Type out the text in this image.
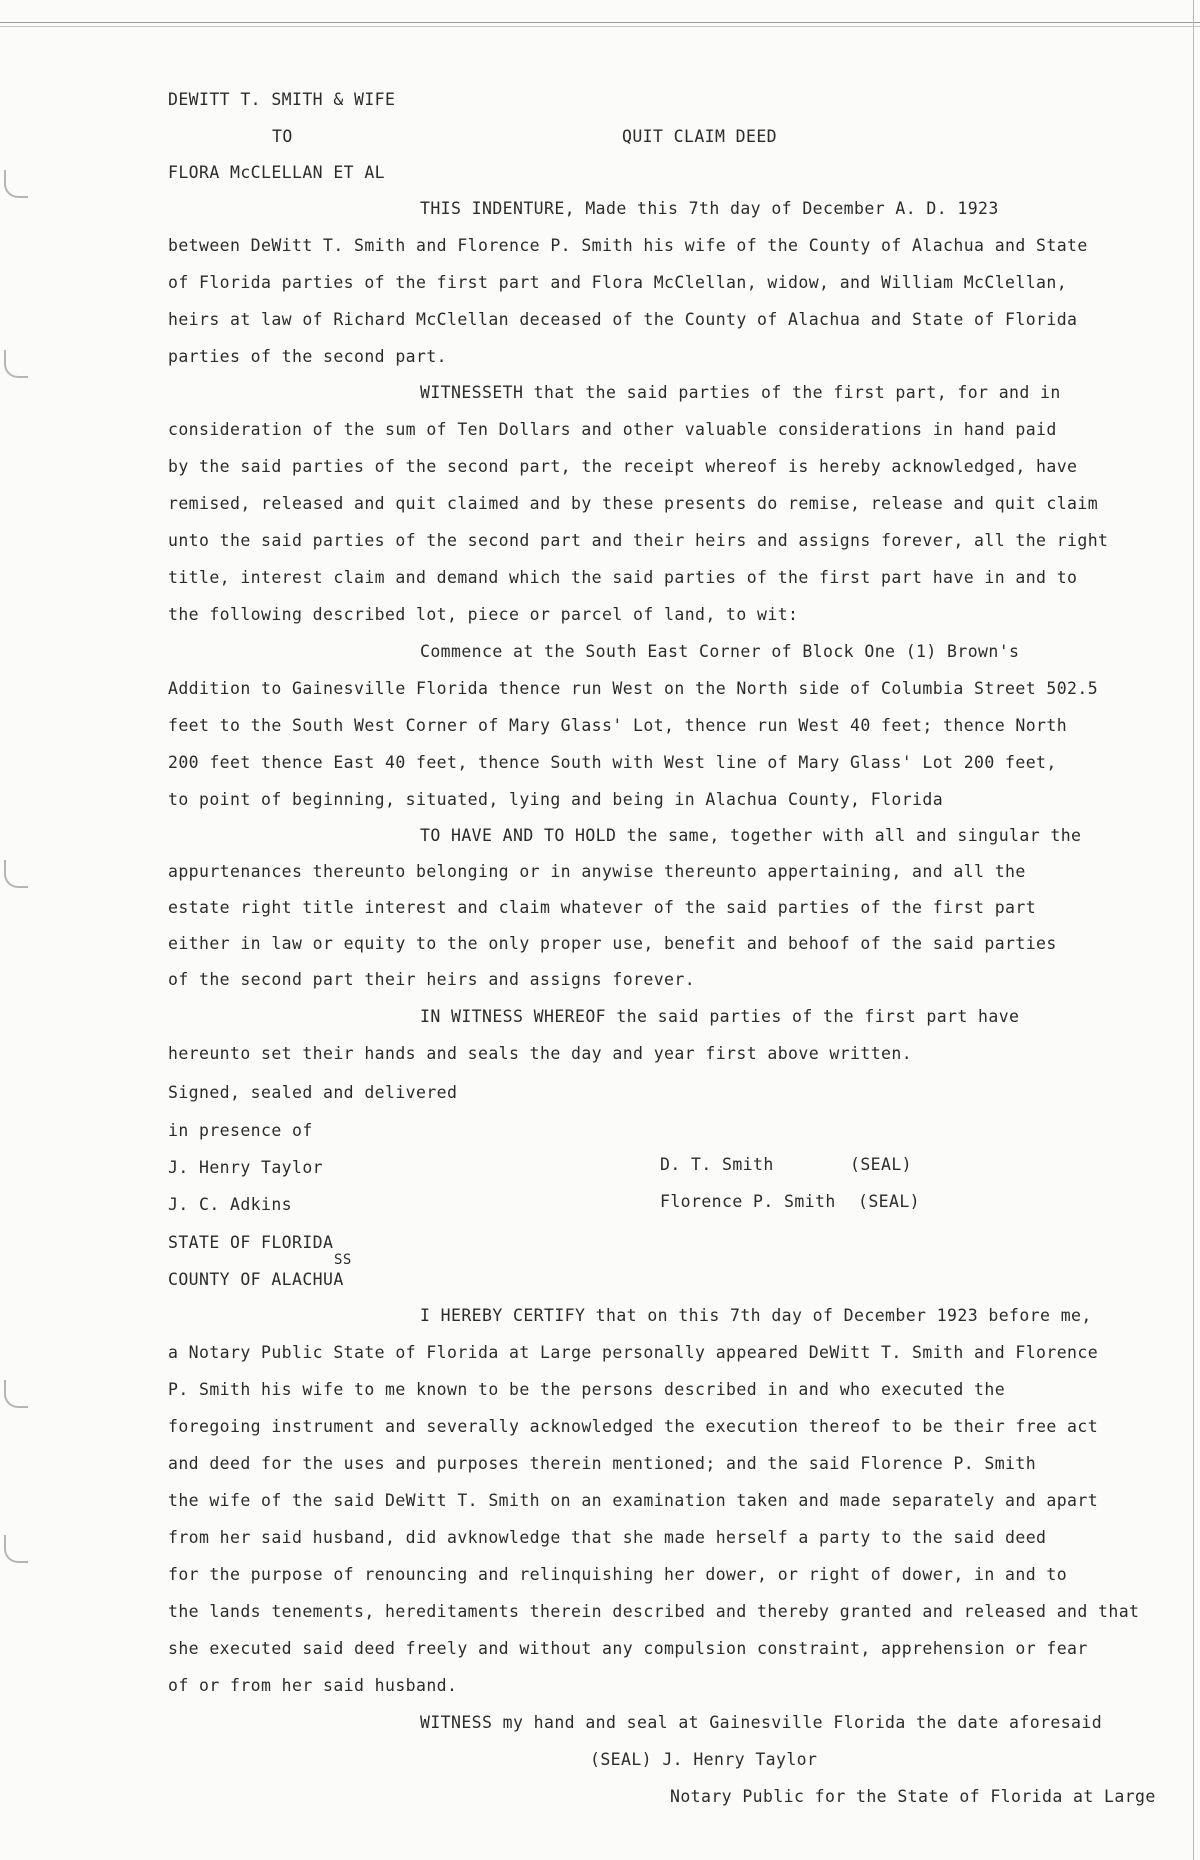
DEWITT T. SMITH & WIFE
TO	QUIT CLAIM DEED
FLORA McCLELLAN ET AL
THIS INDENTURE, Made this 7th day of December A. D. 1923
between DeWitt T. Smith and Florence P. Smith his wife of the County of Alachua and State
of Florida parties of the first part and Flora McClellan, widow, and William McClellan,
heirs at law of Richard McClellan deceased of the County of Alachua and State of Florida
parties of the second part.
WITNESSETH that the said parties of the first part, for and in
consideration of the sum of Ten Dollars and other valuable considerations in hand paid
by the said parties of the second part, the receipt whereof is hereby acknowledged, have
remised, released and quit claimed and by these presents do remise, release and quit claim
unto the said parties of the second part and their heirs and assigns forever, all the right
title, interest claim and demand which the said parties of the first part have in and to
the following described lot, piece or parcel of land, to wit:
Commence at the South East Corner of Block One (1) Brown's
Addition to Gainesville Florida thence run West on the North side of Columbia Street 502.5
feet to the South West Corner of Mary Glass' Lot, thence run West 40 feet; thence North
200 feet thence East 40 feet, thence South with West line of Mary Glass' Lot 200 feet,
to point of beginning, situated, lying and being in Alachua County, Florida
TO HAVE AND TO HOLD the same, together with all and singular the
appurtenances thereunto belonging or in anywise thereunto appertaining, and all the
estate right title interest and claim whatever of the said parties of the first part
either in law or equity to the only proper use, benefit and behoof of the said parties
of the second part their heirs and assigns forever.
IN WITNESS WHEREOF the said parties of the first part have
hereunto set their hands and seals the day and year first above written.
Signed, sealed and delivered
in presence of
J. Henry Taylor	D. T. Smith	(SEAL)
J. C. Adkins	Florence P. Smith (SEAL)
STATE OF FLORIDA
SS
COUNTY OF ALACHUA
I HEREBY CERTIFY that on this 7th day of December 1923 before me,
a Notary Public State of Florida at Large personally appeared DeWitt T. Smith and Florence
P. Smith his wife to me known to be the persons described in and who executed the
foregoing instrument and severally acknowledged the execution thereof to be their free act
and deed for the uses and purposes therein mentioned; and the said Florence P. Smith
the wife of the said DeWitt T. Smith on an examination taken and made separately and apart
from her said husband, did avknowledge that she made herself a party to the said deed
for the purpose of renouncing and relinquishing her dower, or right of dower, in and to
the lands tenements, hereditaments therein described and thereby granted and released and that
she executed said deed freely and without any compulsion constraint, apprehension or fear
of or from her said husband.
WITNESS my hand and seal at Gainesville Florida the date aforesaid
(SEAL) J. Henry Taylor
Notary Public for the State of Florida at Large
